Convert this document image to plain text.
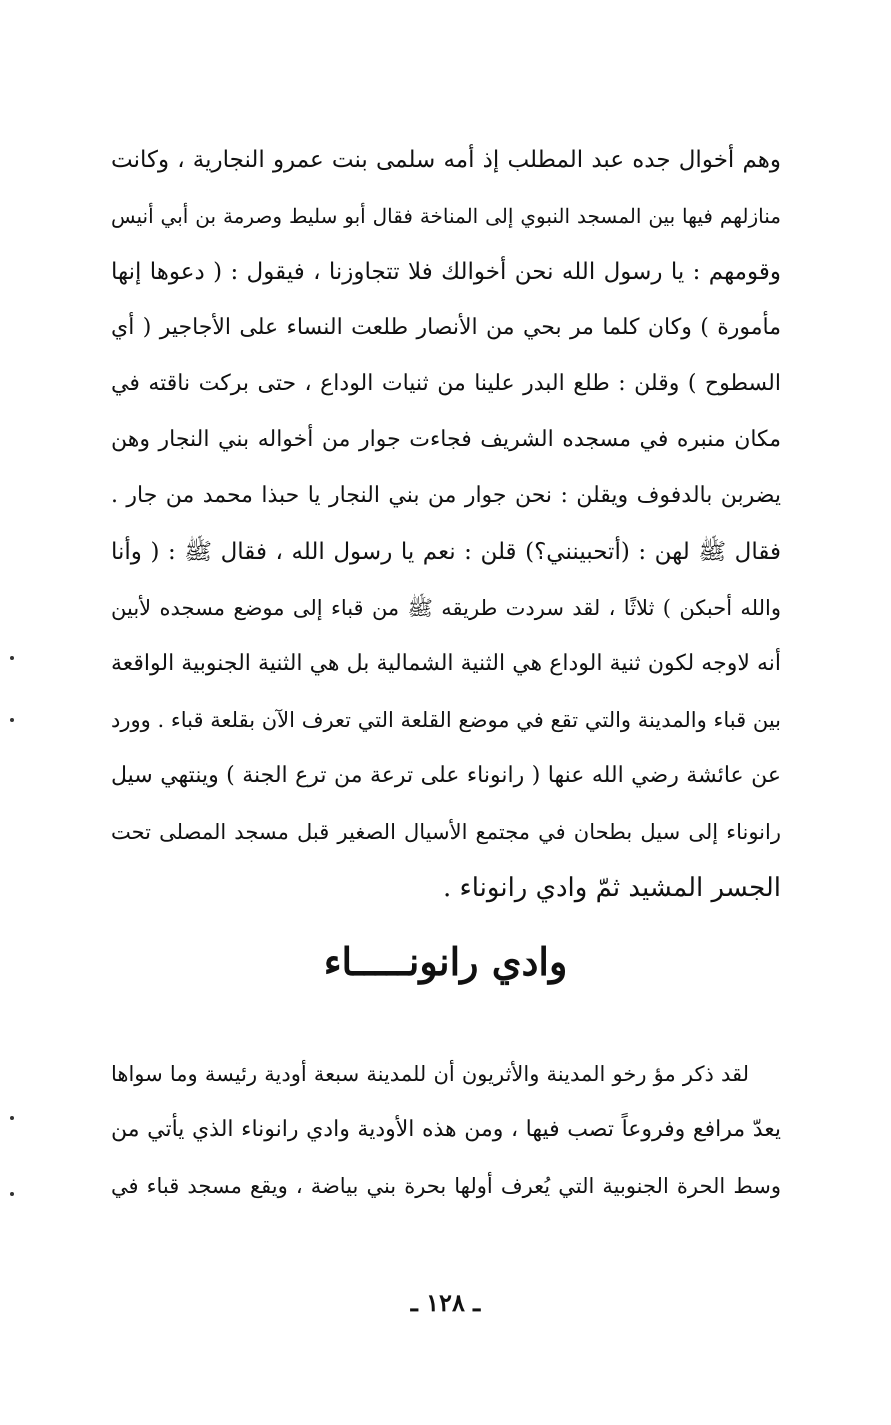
وهم أخوال جده عبد المطلب إذ أمه سلمى بنت عمرو النجارية ، وكانت
منازلهم فيها بين المسجد النبوي إلى المناخة فقال أبو سليط وصرمة بن أبي أنيس
وقومهم : يا رسول الله نحن أخوالك فلا تتجاوزنا ، فيقول : ( دعوها إنها
مأمورة ) وكان كلما مر بحي من الأنصار طلعت النساء على الأجاجير ( أي
السطوح ) وقلن : طلع البدر علينا من ثنيات الوداع ، حتى بركت ناقته في
مكان منبره في مسجده الشريف فجاءت جوار من أخواله بني النجار وهن
يضربن بالدفوف ويقلن : نحن جوار من بني النجار يا حبذا محمد من جار .
فقال ﷺ لهن : (أتحبينني؟) قلن : نعم يا رسول الله ، فقال ﷺ : ( وأنا
والله أحبكن ) ثلاثًا ، لقد سردت طريقه ﷺ من قباء إلى موضع مسجده لأبين
أنه لاوجه لكون ثنية الوداع هي الثنية الشمالية بل هي الثنية الجنوبية الواقعة
بين قباء والمدينة والتي تقع في موضع القلعة التي تعرف الآن بقلعة قباء . وورد
عن عائشة رضي الله عنها ( رانوناء على ترعة من ترع الجنة ) وينتهي سيل
رانوناء إلى سيل بطحان في مجتمع الأسيال الصغير قبل مسجد المصلى تحت
الجسر المشيد ثمّ وادي رانوناء .
وادي رانونـــــاء
لقد ذكر مؤ رخو المدينة والأثريون أن للمدينة سبعة أودية رئيسة وما سواها
يعدّ مرافع وفروعاً تصب فيها ، ومن هذه الأودية وادي رانوناء الذي يأتي من
وسط الحرة الجنوبية التي يُعرف أولها بحرة بني بياضة ، ويقع مسجد قباء في
ـ ١٢٨ ـ
